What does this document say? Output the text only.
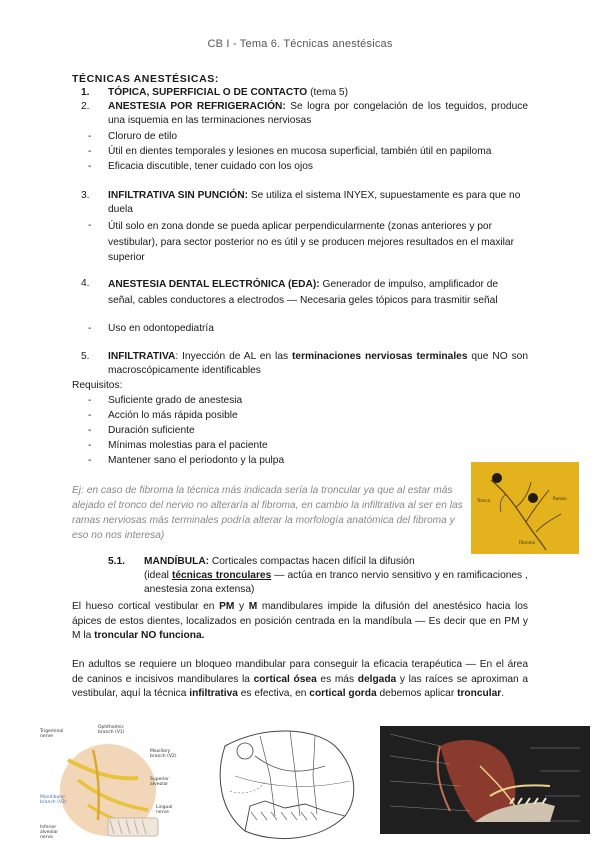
CB I - Tema 6. Técnicas anestésicas
TÉCNICAS ANESTÉSICAS:
1.	TÓPICA, SUPERFICIAL O DE CONTACTO (tema 5)
2.	ANESTESIA POR REFRIGERACIÓN: Se logra por congelación de los teguidos, produce una isquemia en las terminaciones nerviosas
- Cloruro de etilo
- Útil en dientes temporales y lesiones en mucosa superficial, también útil en papiloma
- Eficacia discutible, tener cuidado con los ojos
3.	INFILTRATIVA SIN PUNCIÓN: Se utiliza el sistema INYEX, supuestamente es para que no duela
- Útil solo en zona donde se pueda aplicar perpendicularmente (zonas anteriores y por vestibular), para sector posterior no es útil y se producen mejores resultados en el maxilar superior
4.	ANESTESIA DENTAL ELECTRÓNICA (EDA): Generador de impulso, amplificador de señal, cables conductores a electrodos — Necesaria geles tópicos para trasmitir señal
- Uso en odontopediatría
5.	INFILTRATIVA: Inyección de AL en las terminaciones nerviosas terminales que NO son macroscópicamente identificables
Requisitos:
- Suficiente grado de anestesia
- Acción lo más rápida posible
- Duración suficiente
- Mínimas molestias para el paciente
- Mantener sano el periodonto y la pulpa
Ej: en caso de fibroma la técnica más indicada sería la troncular ya que al estar más alejado el tronco del nervio no alteraría al fibroma, en cambio la infiltrativa al ser en las ramas nerviosas más terminales podría alterar la morfología anatómica del fibroma y eso no nos interesa)
Tronco	Ramas
Fibroma
5.1. MANDÍBULA: Corticales compactas hacen difícil la difusión
(ideal técnicas tronculares — actúa en tranco nervio sensitivo y en ramificaciones , anestesia zona extensa)
El hueso cortical vestibular en PM y M mandibulares impide la difusión del anestésico hacia los ápices de estos dientes, localizados en posición centrada en la mandíbula — Es decir que en PM y M la troncular NO funciona.
En adultos se requiere un bloqueo mandibular para conseguir la eficacia terapéutica — En el área de caninos e incisivos mandibulares la cortical ósea es más delgada y las raíces se aproximan a vestibular, aquí la técnica infiltrativa es efectiva, en cortical gorda debemos aplicar troncular.
Trigeminal
nerve
Ophthalmic
branch (V1)
Maxillary
branch (V2)
Superior
alveolar
Mandibular
branch (V3)
Lingual
nerve
Inferior
alveolar
nerve
